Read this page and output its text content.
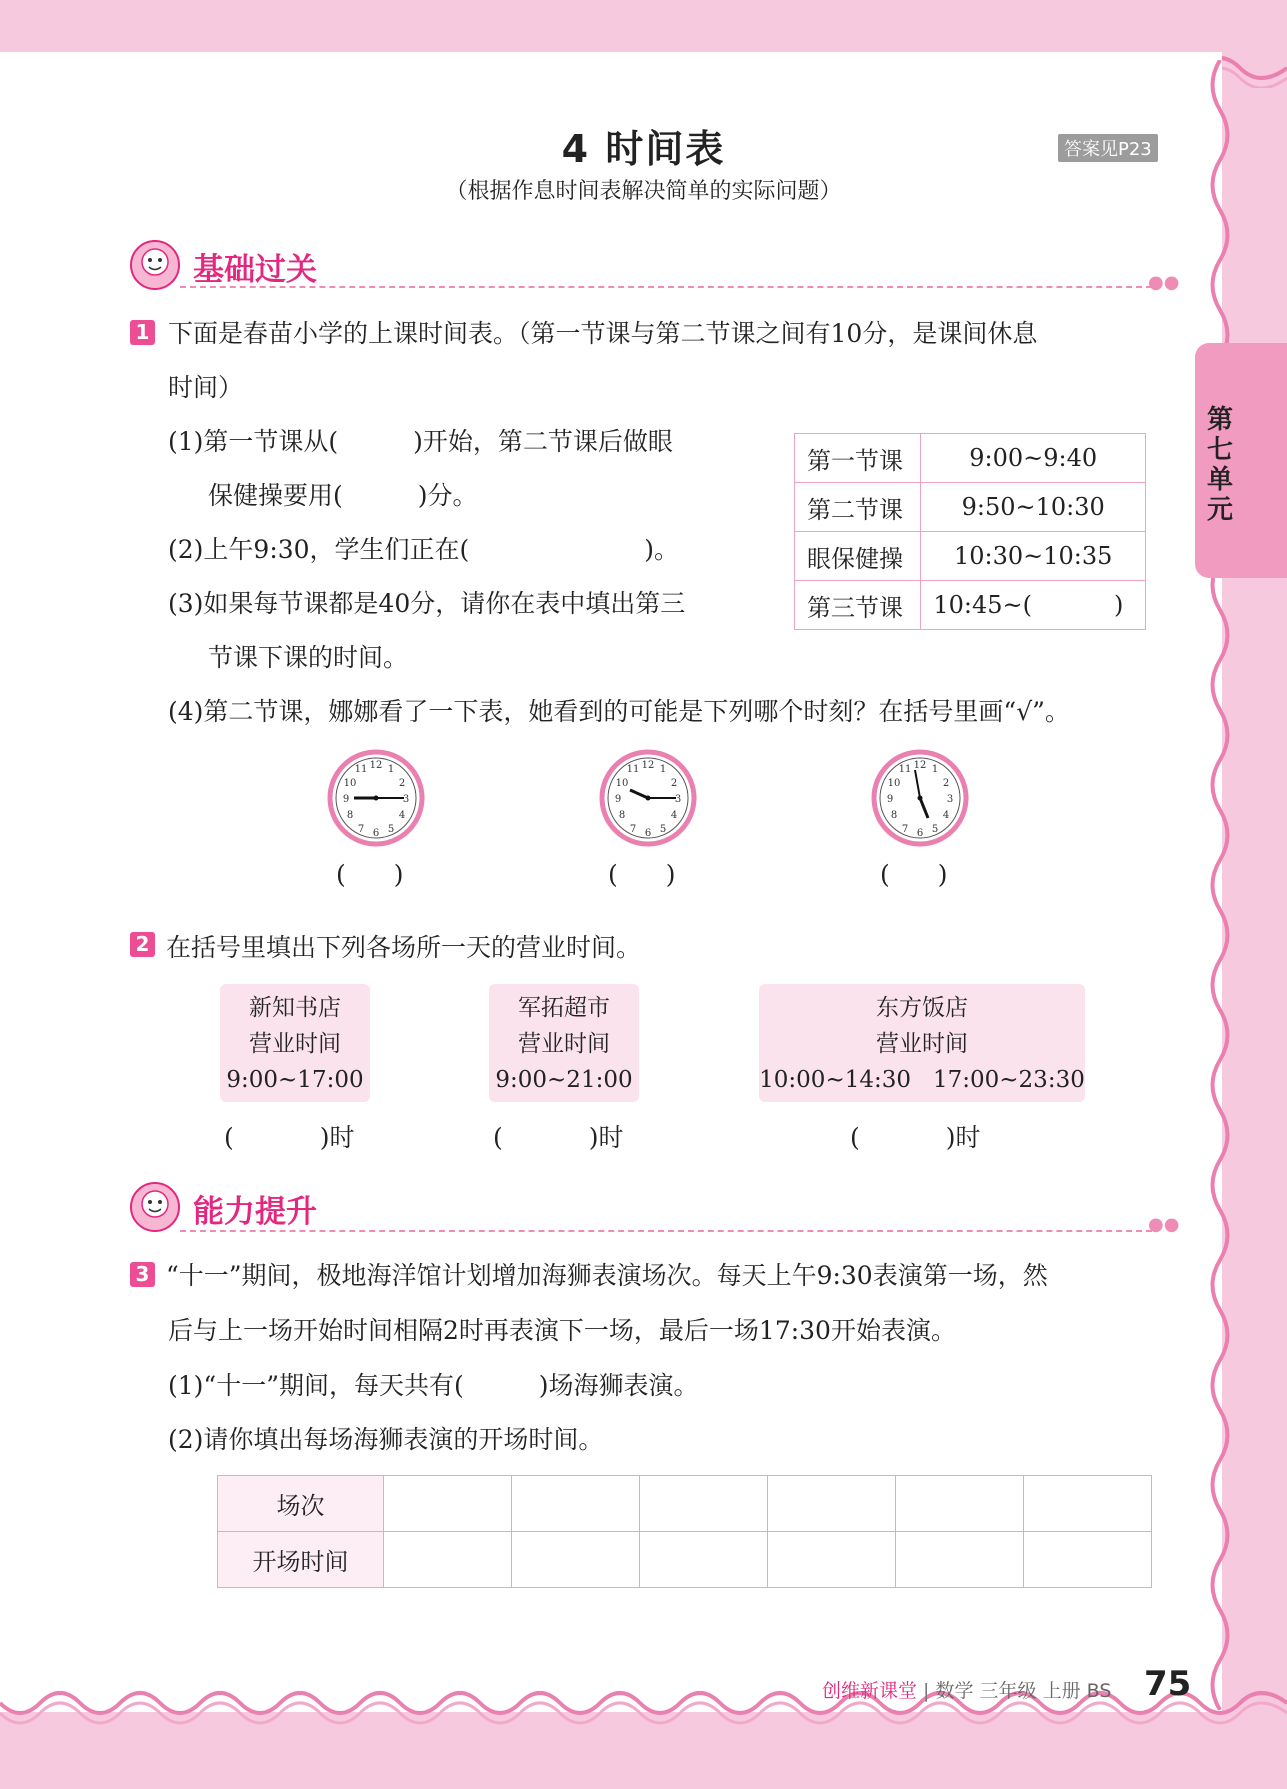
第七单元
4 时间表
（根据作息时间表解决简单的实际问题）
答案见P23
基础过关	●●
1 下面是春苗小学的上课时间表。（第一节课与第二节课之间有10分，是课间休息
时间）
(1)第一节课从(　　　)开始，第二节课后做眼
保健操要用(　　　)分。
(2)上午9:30，学生们正在(　　　　　　　)。
(3)如果每节课都是40分，请你在表中填出第三
节课下课的时间。
(4)第二节课，娜娜看了一下表，她看到的可能是下列哪个时刻？在括号里画“√”。
第一节课	9:00~9:40
第二节课	9:50~10:30
眼保健操	10:30~10:35
第三节课	10:45~( )
12
3
6
9
1
2
4
5
7
8
10
11	12
3
6
9
1
2
4
5
7
8
10
11	12
3
6
9
1
2
4
5
7
8
10
11
( )	( )	( )
2 在括号里填出下列各场所一天的营业时间。
新知书店
营业时间
9:00~17:00
军拓超市
营业时间
9:00~21:00
东方饭店
营业时间
10:00~14:30 17:00~23:30
(	)时	(	)时	(	)时
能力提升	●●
3 “十一”期间，极地海洋馆计划增加海狮表演场次。每天上午9:30表演第一场，然
后与上一场开始时间相隔2时再表演下一场，最后一场17:30开始表演。
(1)“十一”期间，每天共有(　　　)场海狮表演。
(2)请你填出每场海狮表演的开场时间。
场次						
开场时间						
创维新课堂 | 数学 三年级 上册 BS 75
